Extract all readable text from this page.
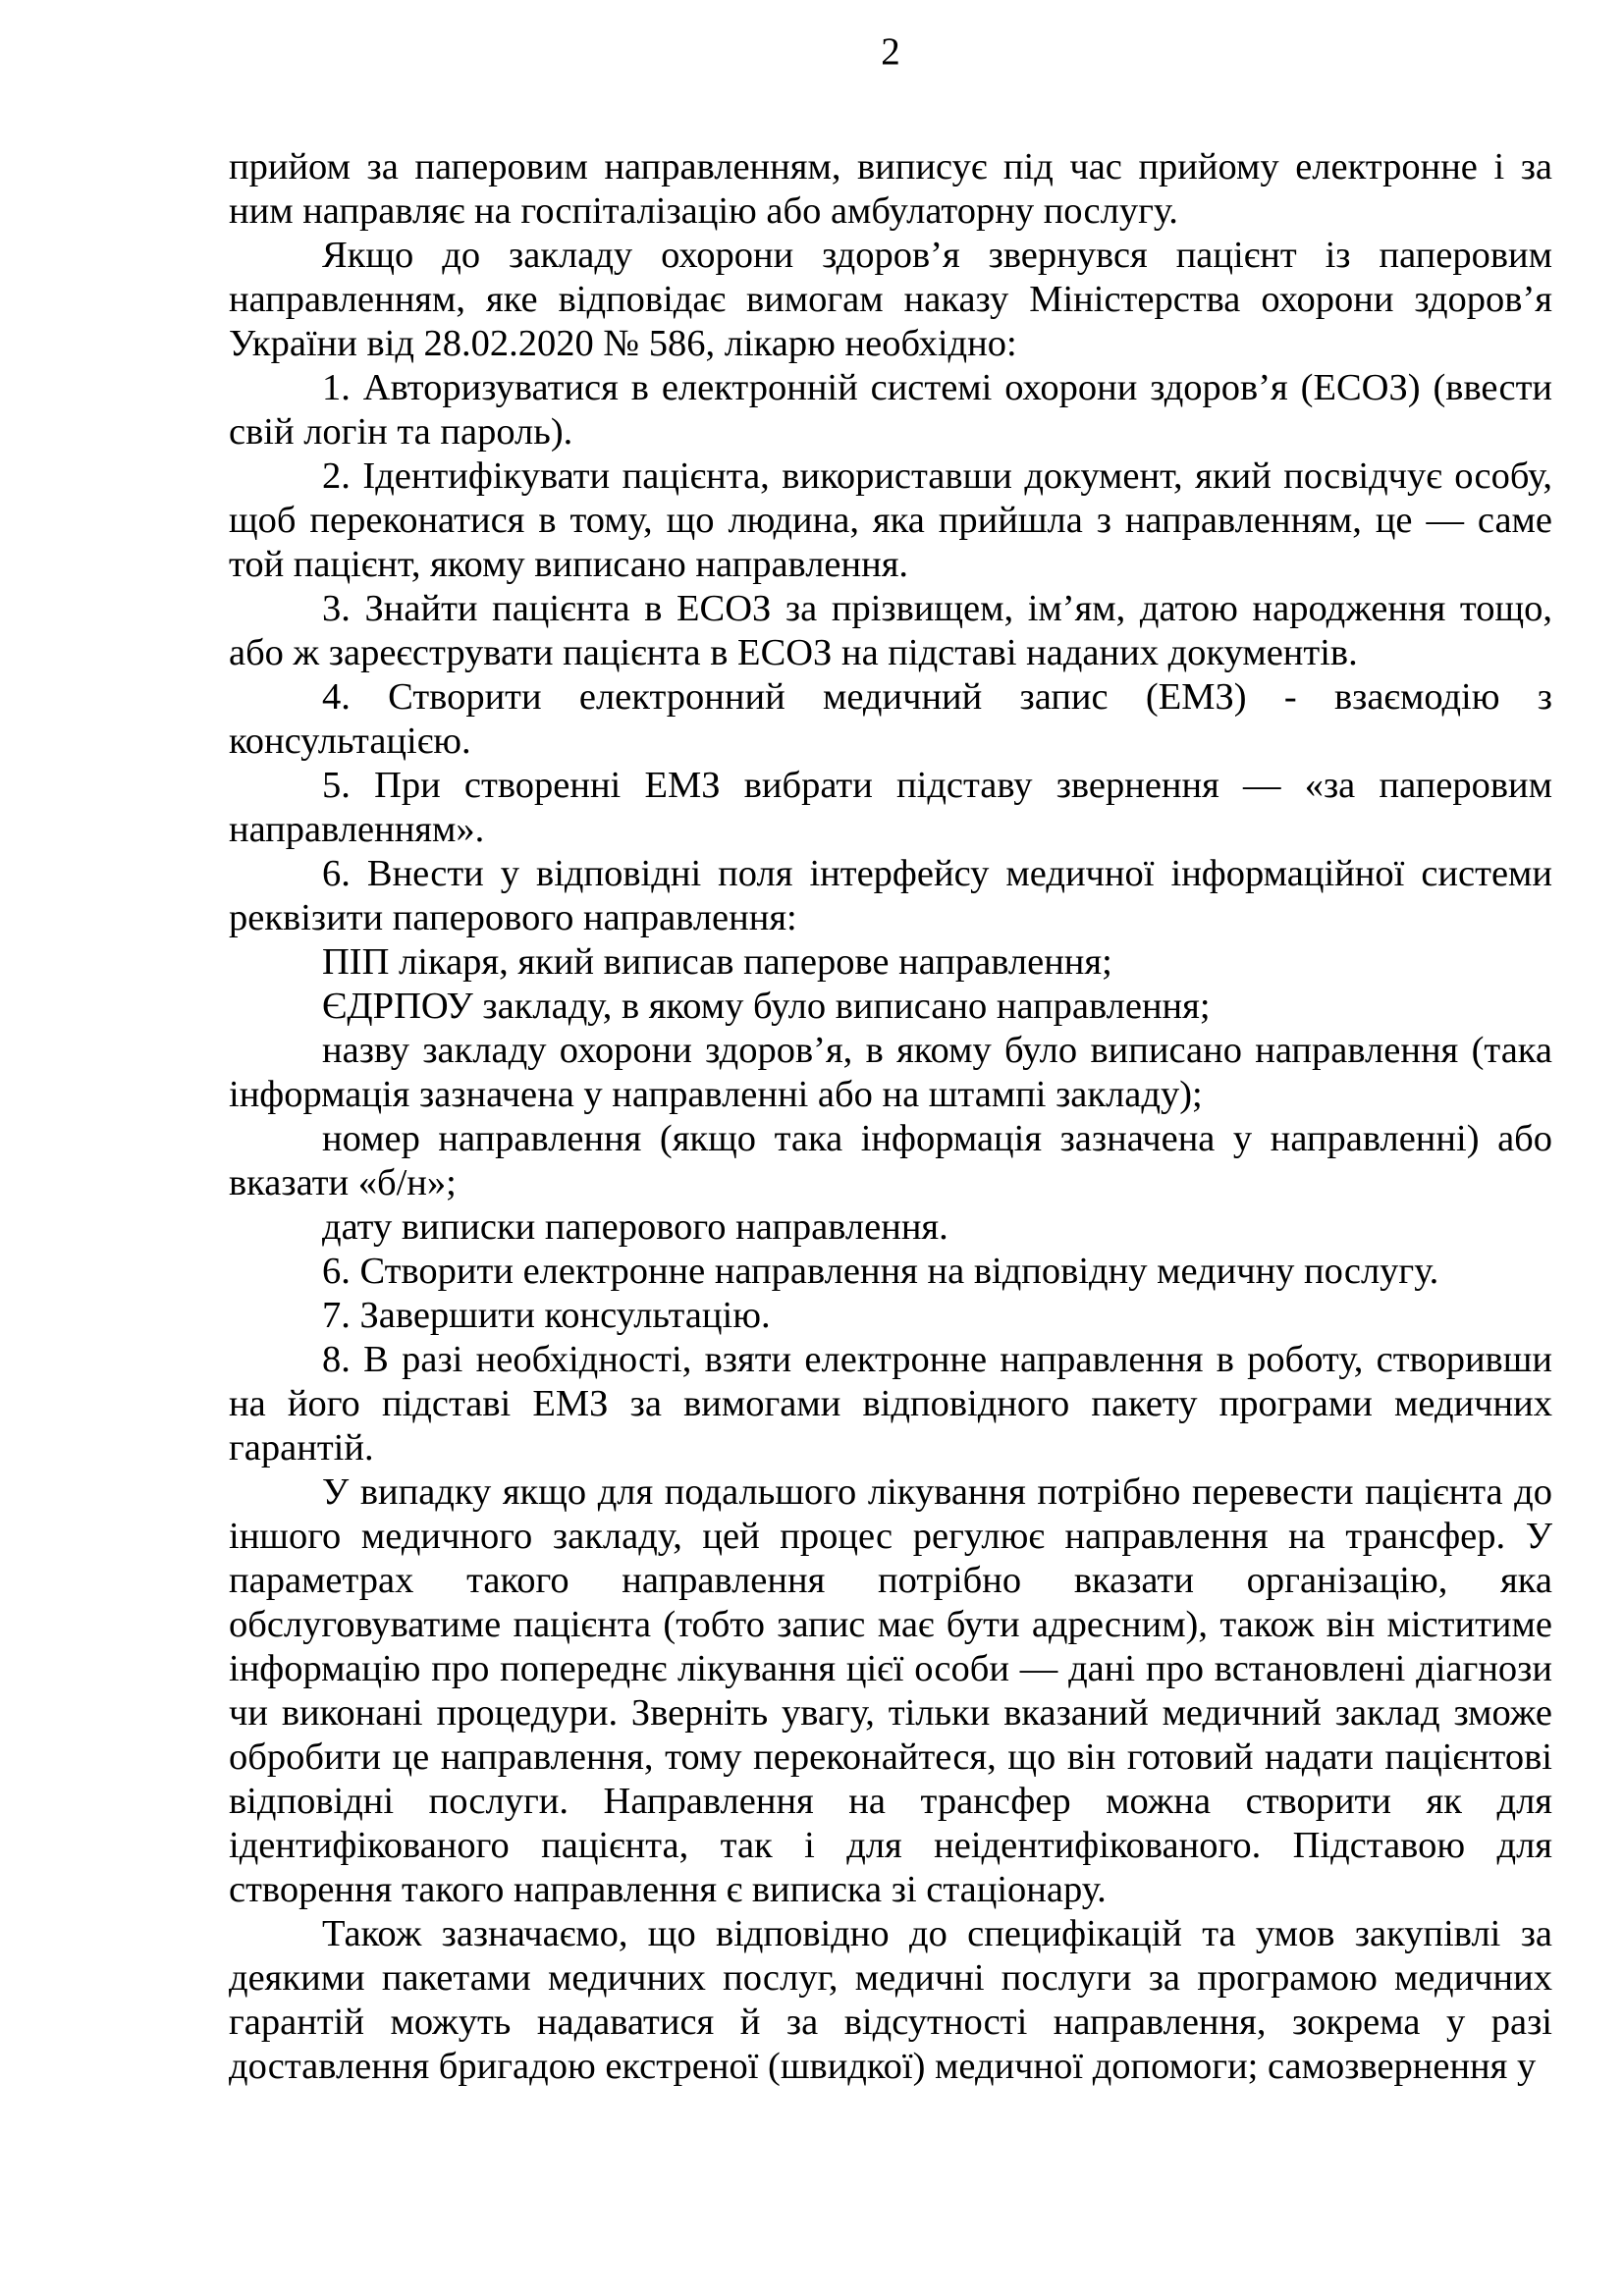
2

прийом за паперовим направленням, виписує під час прийому електронне і за ним направляє на госпіталізацію або амбулаторну послугу.

Якщо до закладу охорони здоров’я звернувся пацієнт із паперовим направленням, яке відповідає вимогам наказу Міністерства охорони здоров’я України від 28.02.2020 № 586, лікарю необхідно:

1. Авторизуватися в електронній системі охорони здоров’я (ЕСОЗ) (ввести свій логін та пароль).

2. Ідентифікувати пацієнта, використавши документ, який посвідчує особу, щоб переконатися в тому, що людина, яка прийшла з направленням, це — саме той пацієнт, якому виписано направлення.

3. Знайти пацієнта в ЕСОЗ за прізвищем, ім’ям, датою народження тощо, або ж зареєструвати пацієнта в ЕСОЗ на підставі наданих документів.

4. Створити електронний медичний запис (ЕМЗ) - взаємодію з консультацією.

5. При створенні ЕМЗ вибрати підставу звернення — «за паперовим направленням».

6. Внести у відповідні поля інтерфейсу медичної інформаційної системи реквізити паперового направлення:

ПІП лікаря, який виписав паперове направлення;

ЄДРПОУ закладу, в якому було виписано направлення;

назву закладу охорони здоров’я, в якому було виписано направлення (така інформація зазначена у направленні або на штампі закладу);

номер направлення (якщо така інформація зазначена у направленні) або вказати «б/н»;

дату виписки паперового направлення.

6. Створити електронне направлення на відповідну медичну послугу.

7. Завершити консультацію.

8. В разі необхідності, взяти електронне направлення в роботу, створивши на його підставі ЕМЗ за вимогами відповідного пакету програми медичних гарантій.

У випадку якщо для подальшого лікування потрібно перевести пацієнта до іншого медичного закладу, цей процес регулює направлення на трансфер. У параметрах такого направлення потрібно вказати організацію, яка обслуговуватиме пацієнта (тобто запис має бути адресним), також він міститиме інформацію про попереднє лікування цієї особи — дані про встановлені діагнози чи виконані процедури. Зверніть увагу, тільки вказаний медичний заклад зможе обробити це направлення, тому переконайтеся, що він готовий надати пацієнтові відповідні послуги. Направлення на трансфер можна створити як для ідентифікованого пацієнта, так і для неідентифікованого. Підставою для створення такого направлення є виписка зі стаціонару.

Також зазначаємо, що відповідно до специфікацій та умов закупівлі за деякими пакетами медичних послуг, медичні послуги за програмою медичних гарантій можуть надаватися й за відсутності направлення, зокрема у разі доставлення бригадою екстреної (швидкої) медичної допомоги; самозвернення у
